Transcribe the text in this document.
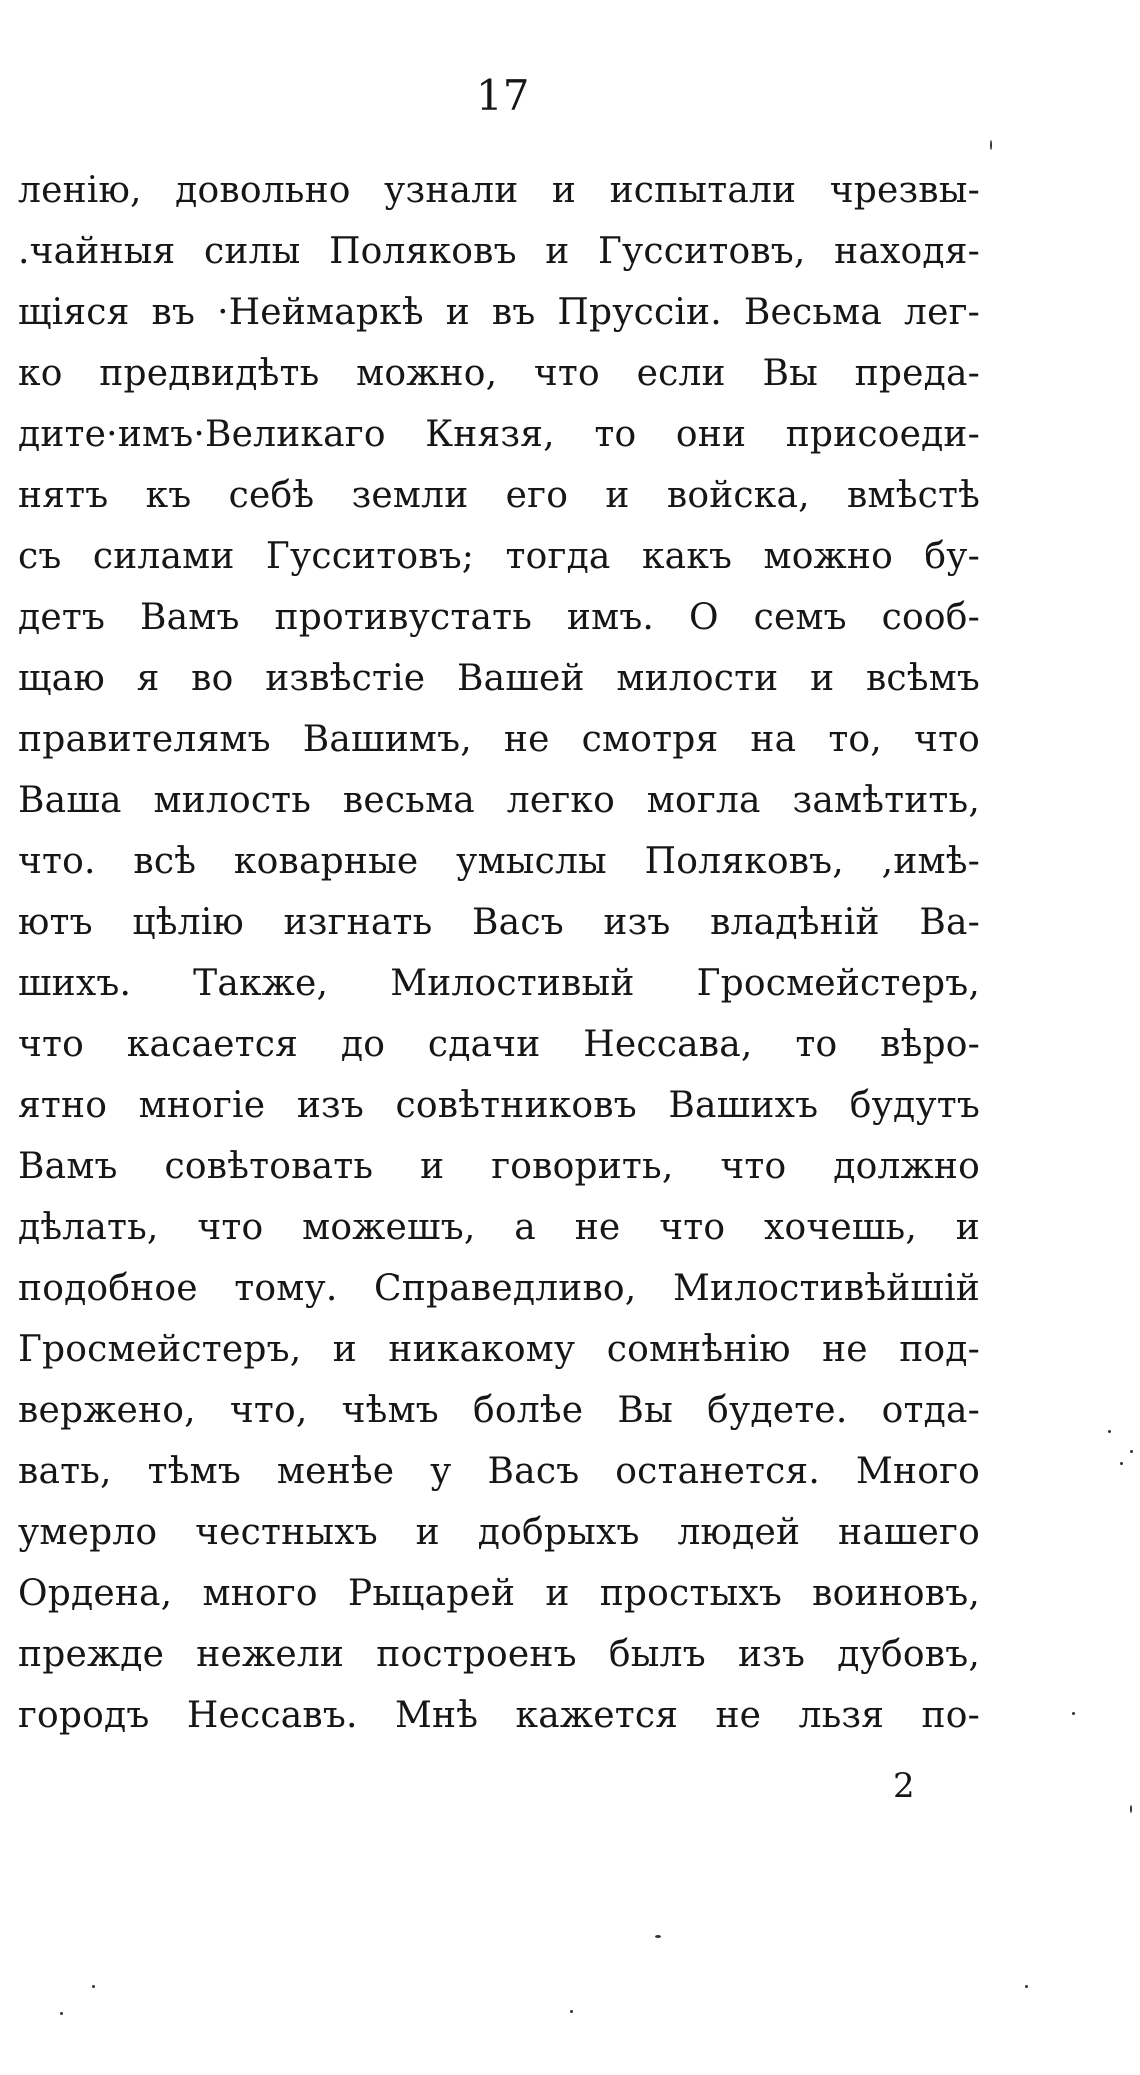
17
ленію, довольно узнали и испытали чрезвы-
.чайныя силы Поляковъ и Гусситовъ, находя-
щіяся въ ·Неймаркѣ и въ Пруссіи. Весьма лег-
ко предвидѣть можно, что если Вы преда-
дите·имъ·Великаго Князя, то они присоеди-
нятъ къ себѣ земли его и войска, вмѣстѣ
съ силами Гусситовъ; тогда какъ можно бу-
детъ Вамъ противустать имъ. О семъ сооб-
щаю я во извѣстіе Вашей милости и всѣмъ
правителямъ Вашимъ, не смотря на то, что
Ваша милость весьма легко могла замѣтить,
что. всѣ коварные умыслы Поляковъ, ,имѣ-
ютъ цѣлію изгнать Васъ изъ владѣній Ва-
шихъ. Также, Милостивый Гросмейстеръ,
что касается до сдачи Нессава, то вѣро-
ятно многіе изъ совѣтниковъ Вашихъ будутъ
Вамъ совѣтовать и говорить, что должно
дѣлать, что можешъ, а не что хочешь, и
подобное тому. Справедливо, Милостивѣйшій
Гросмейстеръ, и никакому сомнѣнію не под-
вержено, что, чѣмъ болѣе Вы будете. отда-
вать, тѣмъ менѣе у Васъ останется. Много
умерло честныхъ и добрыхъ людей нашего
Ордена, много Рыцарей и простыхъ воиновъ,
прежде нежели построенъ былъ изъ дубовъ,
городъ Нессавъ. Мнѣ кажется не льзя по-
2
